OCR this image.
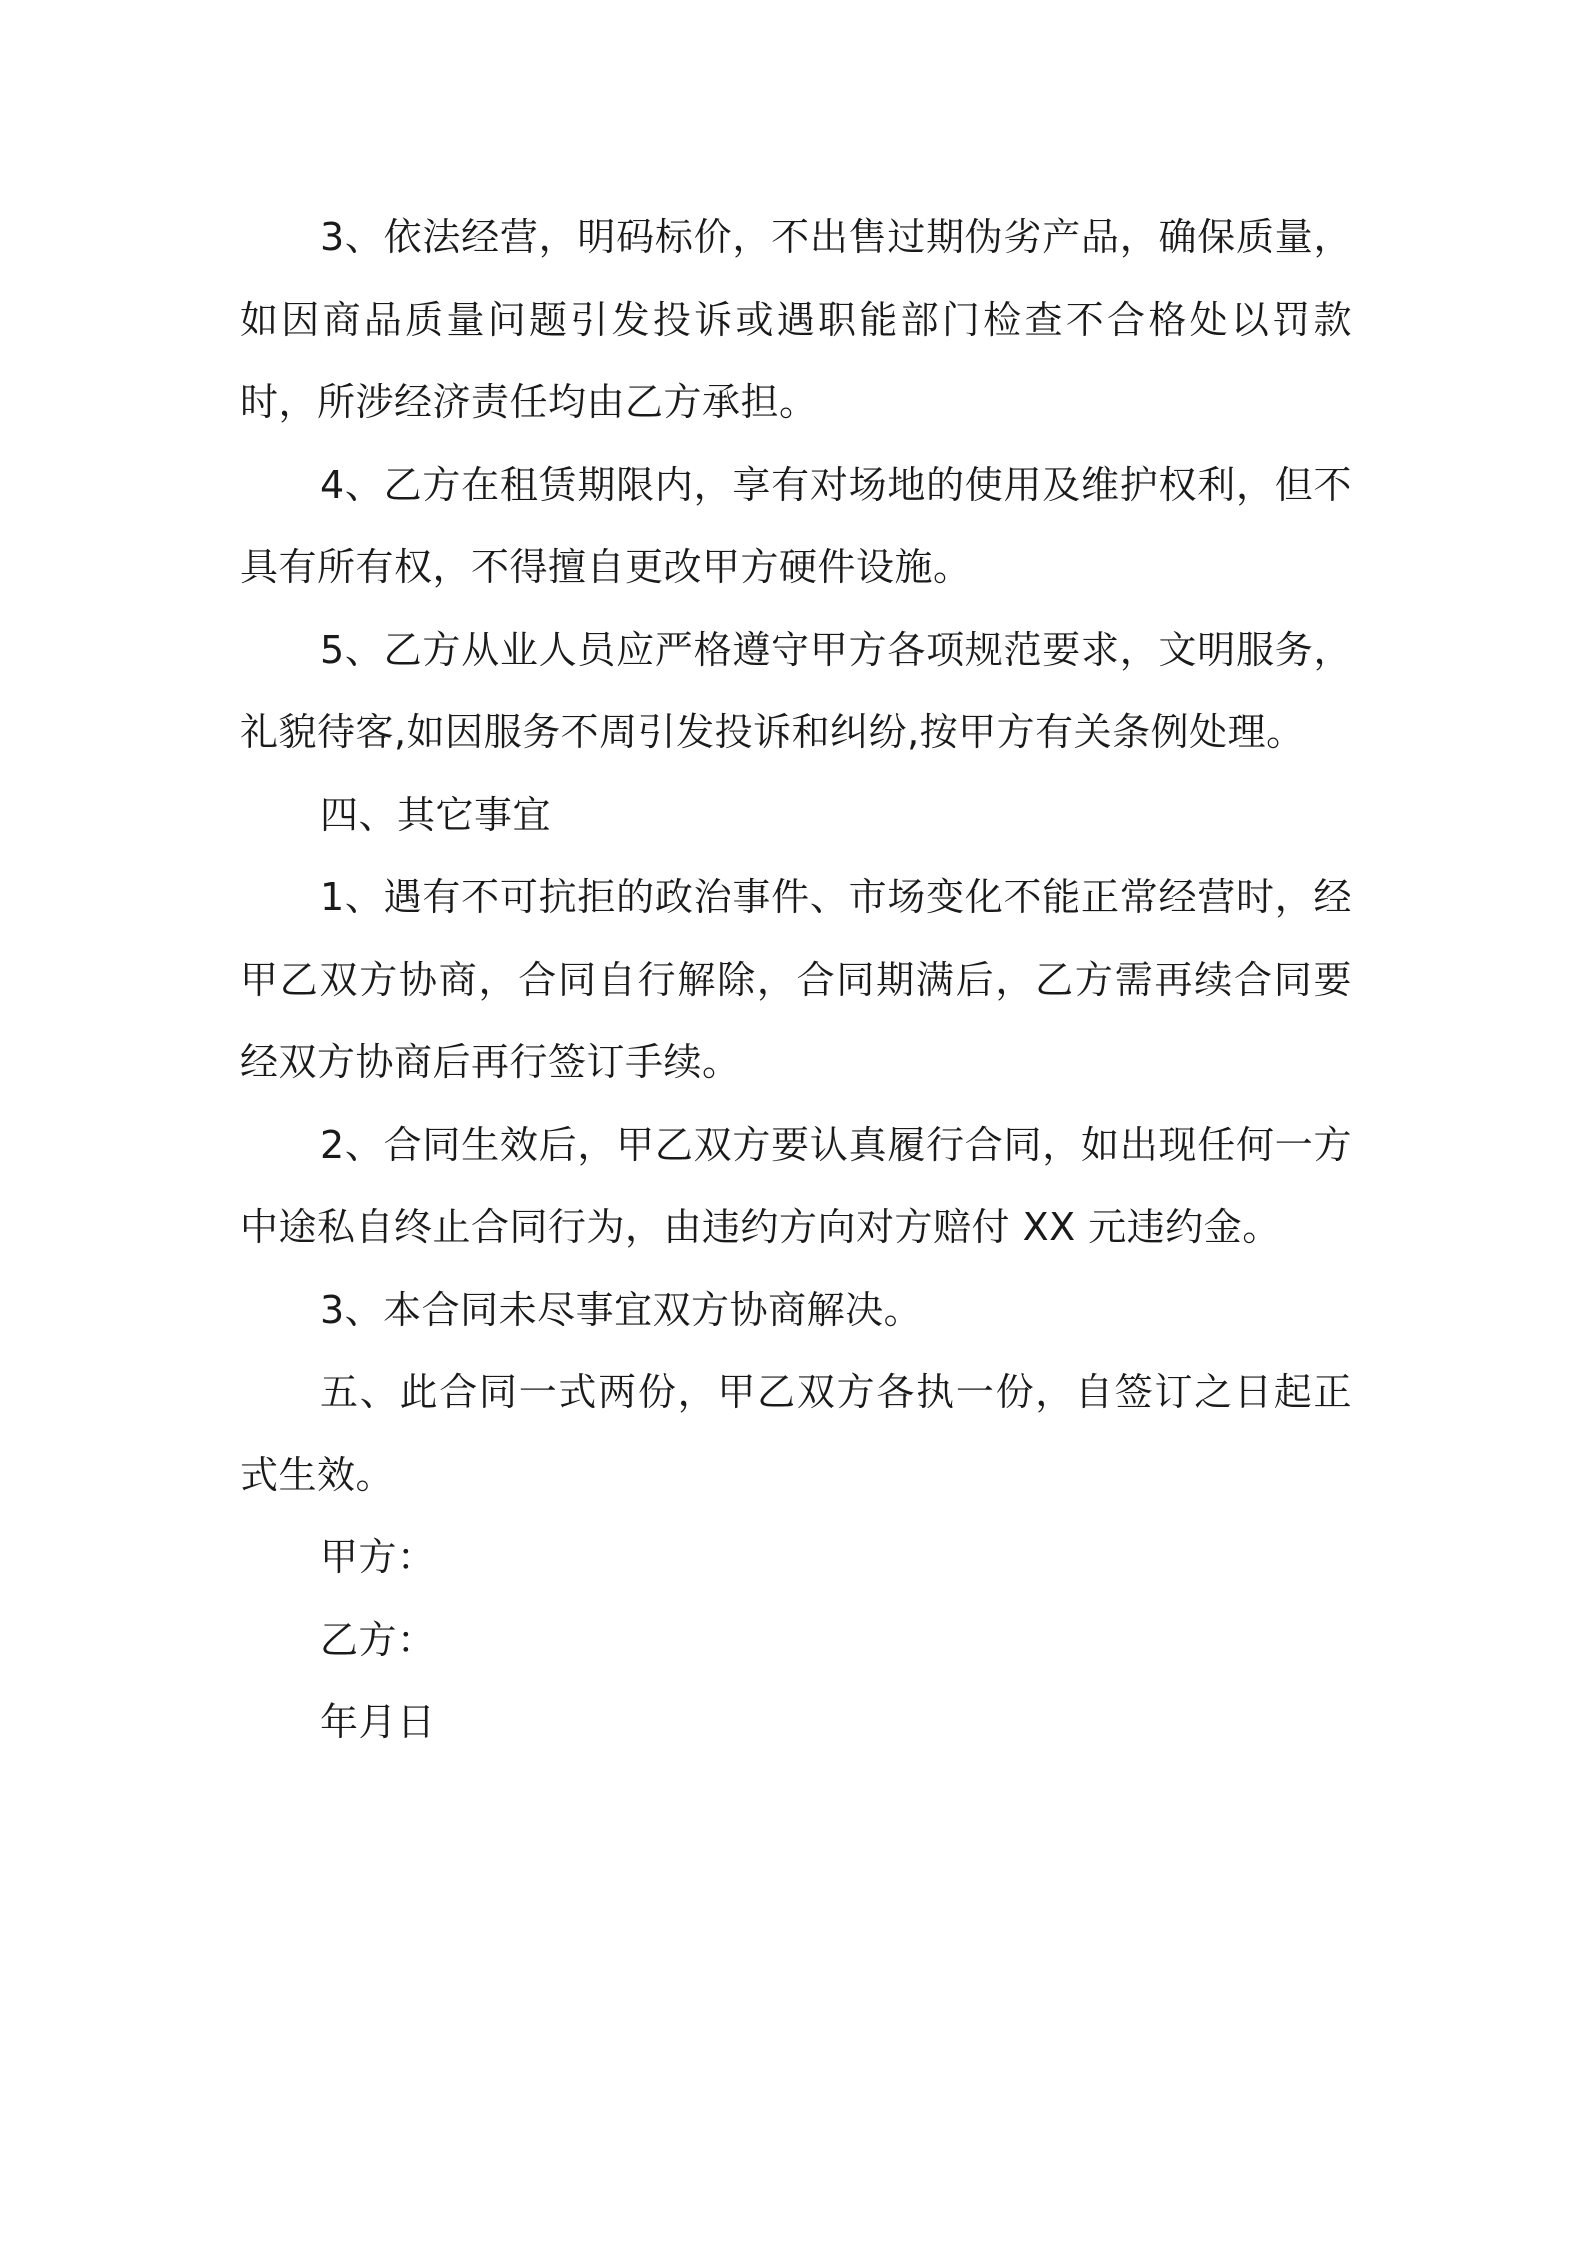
3、依法经营，明码标价，不出售过期伪劣产品，确保质量，如因商品质量问题引发投诉或遇职能部门检查不合格处以罚款时，所涉经济责任均由乙方承担。

4、乙方在租赁期限内，享有对场地的使用及维护权利，但不具有所有权，不得擅自更改甲方硬件设施。

5、乙方从业人员应严格遵守甲方各项规范要求，文明服务，礼貌待客,如因服务不周引发投诉和纠纷,按甲方有关条例处理。

四、其它事宜

1、遇有不可抗拒的政治事件、市场变化不能正常经营时，经甲乙双方协商，合同自行解除，合同期满后，乙方需再续合同要经双方协商后再行签订手续。

2、合同生效后，甲乙双方要认真履行合同，如出现任何一方中途私自终止合同行为，由违约方向对方赔付 XX 元违约金。

3、本合同未尽事宜双方协商解决。

五、此合同一式两份，甲乙双方各执一份，自签订之日起正式生效。

甲方：

乙方：

年月日
